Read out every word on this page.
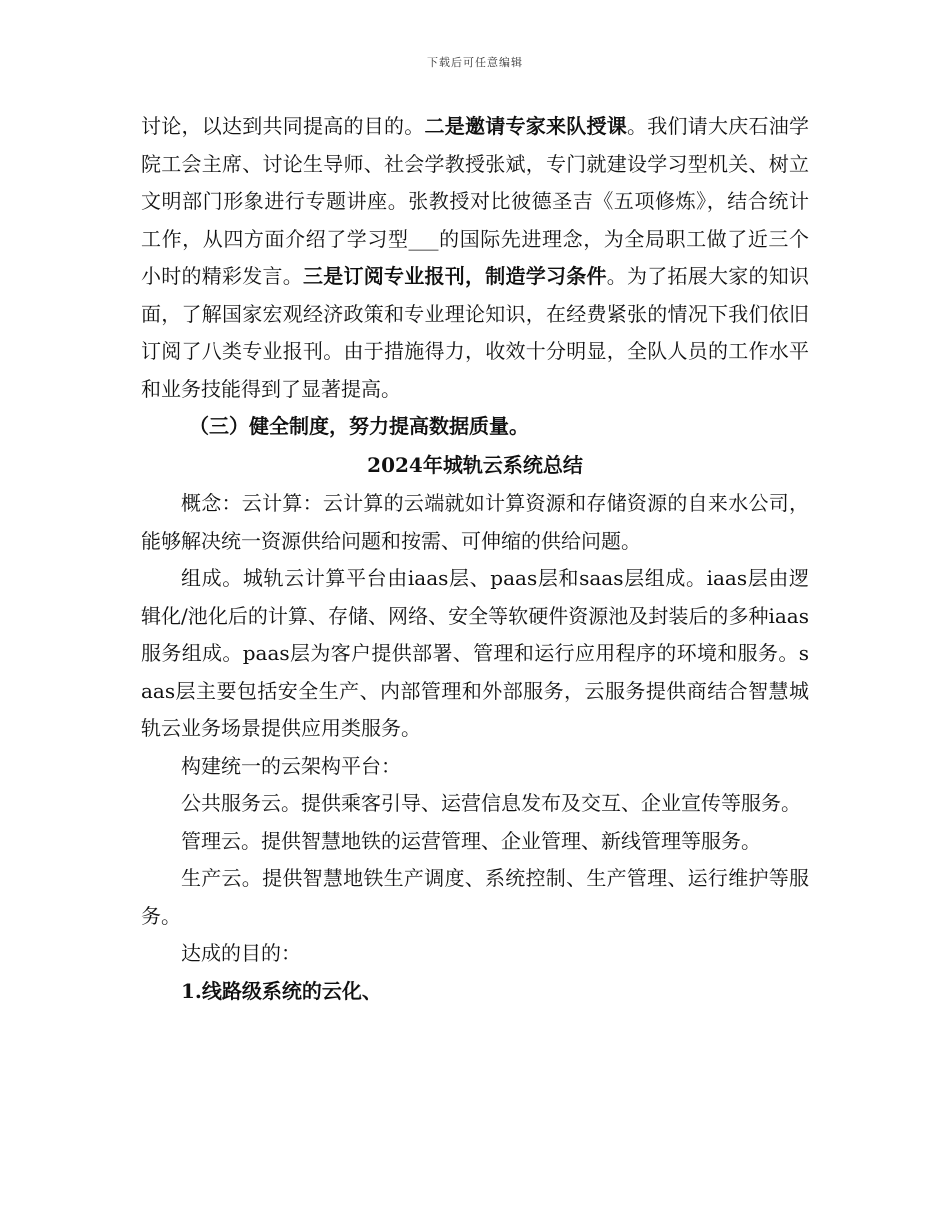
下载后可任意编辑

讨论，以达到共同提高的目的。二是邀请专家来队授课。我们请大庆石油学院工会主席、讨论生导师、社会学教授张斌，专门就建设学习型机关、树立文明部门形象进行专题讲座。张教授对比彼德圣吉《五项修炼》，结合统计工作，从四方面介绍了学习型___的国际先进理念，为全局职工做了近三个小时的精彩发言。三是订阅专业报刊，制造学习条件。为了拓展大家的知识面，了解国家宏观经济政策和专业理论知识，在经费紧张的情况下我们依旧订阅了八类专业报刊。由于措施得力，收效十分明显，全队人员的工作水平和业务技能得到了显著提高。

（三）健全制度，努力提高数据质量。

2024年城轨云系统总结

概念：云计算：云计算的云端就如计算资源和存储资源的自来水公司，能够解决统一资源供给问题和按需、可伸缩的供给问题。

组成。城轨云计算平台由iaas层、paas层和saas层组成。iaas层由逻辑化/池化后的计算、存储、网络、安全等软硬件资源池及封装后的多种iaas服务组成。paas层为客户提供部署、管理和运行应用程序的环境和服务。saas层主要包括安全生产、内部管理和外部服务，云服务提供商结合智慧城轨云业务场景提供应用类服务。

构建统一的云架构平台：

公共服务云。提供乘客引导、运营信息发布及交互、企业宣传等服务。

管理云。提供智慧地铁的运营管理、企业管理、新线管理等服务。

生产云。提供智慧地铁生产调度、系统控制、生产管理、运行维护等服务。

达成的目的：

1.线路级系统的云化、
